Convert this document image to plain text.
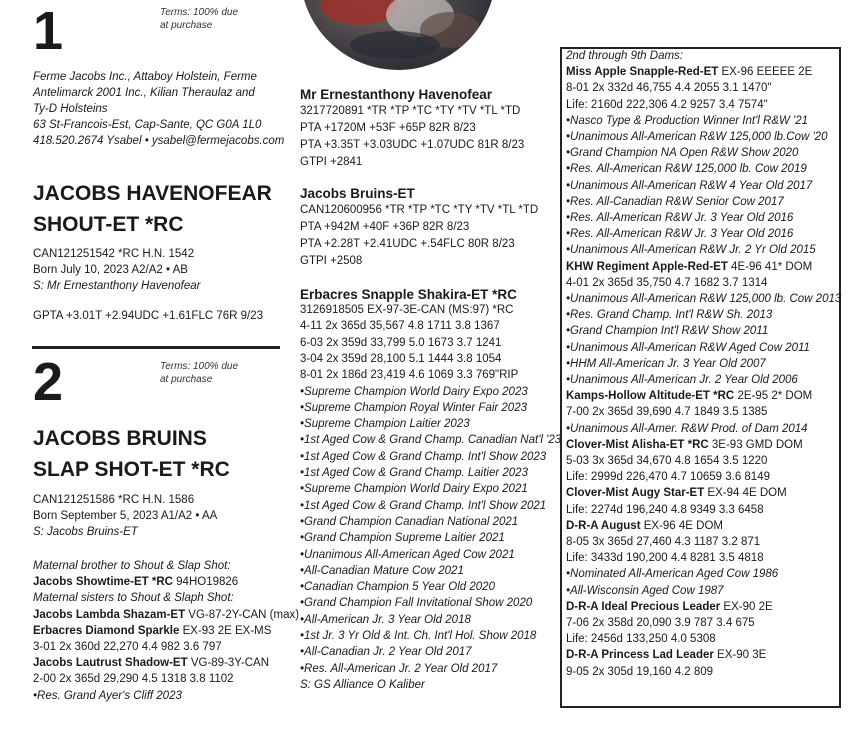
1	Terms: 100% due
at purchase
Ferme Jacobs Inc., Attaboy Holstein, Ferme
Antelimarck 2001 Inc., Kilian Theraulaz and
Ty-D Holsteins
63 St-Francois-Est, Cap-Sante, QC G0A 1L0
418.520.2674 Ysabel • ysabel@fermejacobs.com
JACOBS HAVENOFEAR
SHOUT-ET *RC
CAN121251542 *RC H.N. 1542
Born July 10, 2023 A2/A2 • AB
S: Mr Ernestanthony Havenofear
GPTA +3.01T +2.94UDC +1.61FLC 76R 9/23
2	Terms: 100% due
at purchase
JACOBS BRUINS
SLAP SHOT-ET *RC
CAN121251586 *RC H.N. 1586
Born September 5, 2023 A1/A2 • AA
S: Jacobs Bruins-ET
Maternal brother to Shout & Slap Shot:
Jacobs Showtime-ET *RC 94HO19826
Maternal sisters to Shout & Slaph Shot:
Jacobs Lambda Shazam-ET VG-87-2Y-CAN (max)
Erbacres Diamond Sparkle EX-93 2E EX-MS
3-01 2x 360d 22,270 4.4 982 3.6 797
Jacobs Lautrust Shadow-ET VG-89-3Y-CAN
2-00 2x 365d 29,290 4.5 1318 3.8 1102
•Res. Grand Ayer's Cliff 2023
Mr Ernestanthony Havenofear
3217720891 *TR *TP *TC *TY *TV *TL *TD
PTA +1720M +53F +65P 82R 8/23
PTA +3.35T +3.03UDC +1.07UDC 81R 8/23
GTPI +2841
Jacobs Bruins-ET
CAN120600956 *TR *TP *TC *TY *TV *TL *TD
PTA +942M +40F +36P 82R 8/23
PTA +2.28T +2.41UDC +.54FLC 80R 8/23
GTPI +2508
Erbacres Snapple Shakira-ET *RC
3126918505 EX-97-3E-CAN (MS:97) *RC
4-11 2x 365d 35,567 4.8 1711 3.8 1367
6-03 2x 359d 33,799 5.0 1673 3.7 1241
3-04 2x 359d 28,100 5.1 1444 3.8 1054
8-01 2x 186d 23,419 4.6 1069 3.3 769"RIP
•Supreme Champion World Dairy Expo 2023
•Supreme Champion Royal Winter Fair 2023
•Supreme Champion Laitier 2023
•1st Aged Cow & Grand Champ. Canadian Nat'l '23
•1st Aged Cow & Grand Champ. Int'l Show 2023
•1st Aged Cow & Grand Champ. Laitier 2023
•Supreme Champion World Dairy Expo 2021
•1st Aged Cow & Grand Champ. Int'l Show 2021
•Grand Champion Canadian National 2021
•Grand Champion Supreme Laitier 2021
•Unanimous All-American Aged Cow 2021
•All-Canadian Mature Cow 2021
•Canadian Champion 5 Year Old 2020
•Grand Champion Fall Invitational Show 2020
•All-American Jr. 3 Year Old 2018
•1st Jr. 3 Yr Old & Int. Ch. Int'l Hol. Show 2018
•All-Canadian Jr. 2 Year Old 2017
•Res. All-American Jr. 2 Year Old 2017
S: GS Alliance O Kaliber
2nd through 9th Dams:
Miss Apple Snapple-Red-ET EX-96 EEEEE 2E
8-01 2x 332d 46,755 4.4 2055 3.1 1470"
Life: 2160d 222,306 4.2 9257 3.4 7574"
•Nasco Type & Production Winner Int'l R&W '21
•Unanimous All-American R&W 125,000 lb.Cow '20
•Grand Champion NA Open R&W Show 2020
•Res. All-American R&W 125,000 lb. Cow 2019
•Unanimous All-American R&W 4 Year Old 2017
•Res. All-Canadian R&W Senior Cow 2017
•Res. All-American R&W Jr. 3 Year Old 2016
•Res. All-American R&W Jr. 3 Year Old 2016
•Unanimous All-American R&W Jr. 2 Yr Old 2015
KHW Regiment Apple-Red-ET 4E-96 41* DOM
4-01 2x 365d 35,750 4.7 1682 3.7 1314
•Unanimous All-American R&W 125,000 lb. Cow 2013
•Res. Grand Champ. Int'l R&W Sh. 2013
•Grand Champion Int'l R&W Show 2011
•Unanimous All-American R&W Aged Cow 2011
•HHM All-American Jr. 3 Year Old 2007
•Unanimous All-American Jr. 2 Year Old 2006
Kamps-Hollow Altitude-ET *RC 2E-95 2* DOM
7-00 2x 365d 39,690 4.7 1849 3.5 1385
•Unanimous All-Amer. R&W Prod. of Dam 2014
Clover-Mist Alisha-ET *RC 3E-93 GMD DOM
5-03 3x 365d 34,670 4.8 1654 3.5 1220
Life: 2999d 226,470 4.7 10659 3.6 8149
Clover-Mist Augy Star-ET EX-94 4E DOM
Life: 2274d 196,240 4.8 9349 3.3 6458
D-R-A August EX-96 4E DOM
8-05 3x 365d 27,460 4.3 1187 3.2 871
Life: 3433d 190,200 4.4 8281 3.5 4818
•Nominated All-American Aged Cow 1986
•All-Wisconsin Aged Cow 1987
D-R-A Ideal Precious Leader EX-90 2E
7-06 2x 358d 20,090 3.9 787 3.4 675
Life: 2456d 133,250 4.0 5308
D-R-A Princess Lad Leader EX-90 3E
9-05 2x 305d 19,160 4.2 809
